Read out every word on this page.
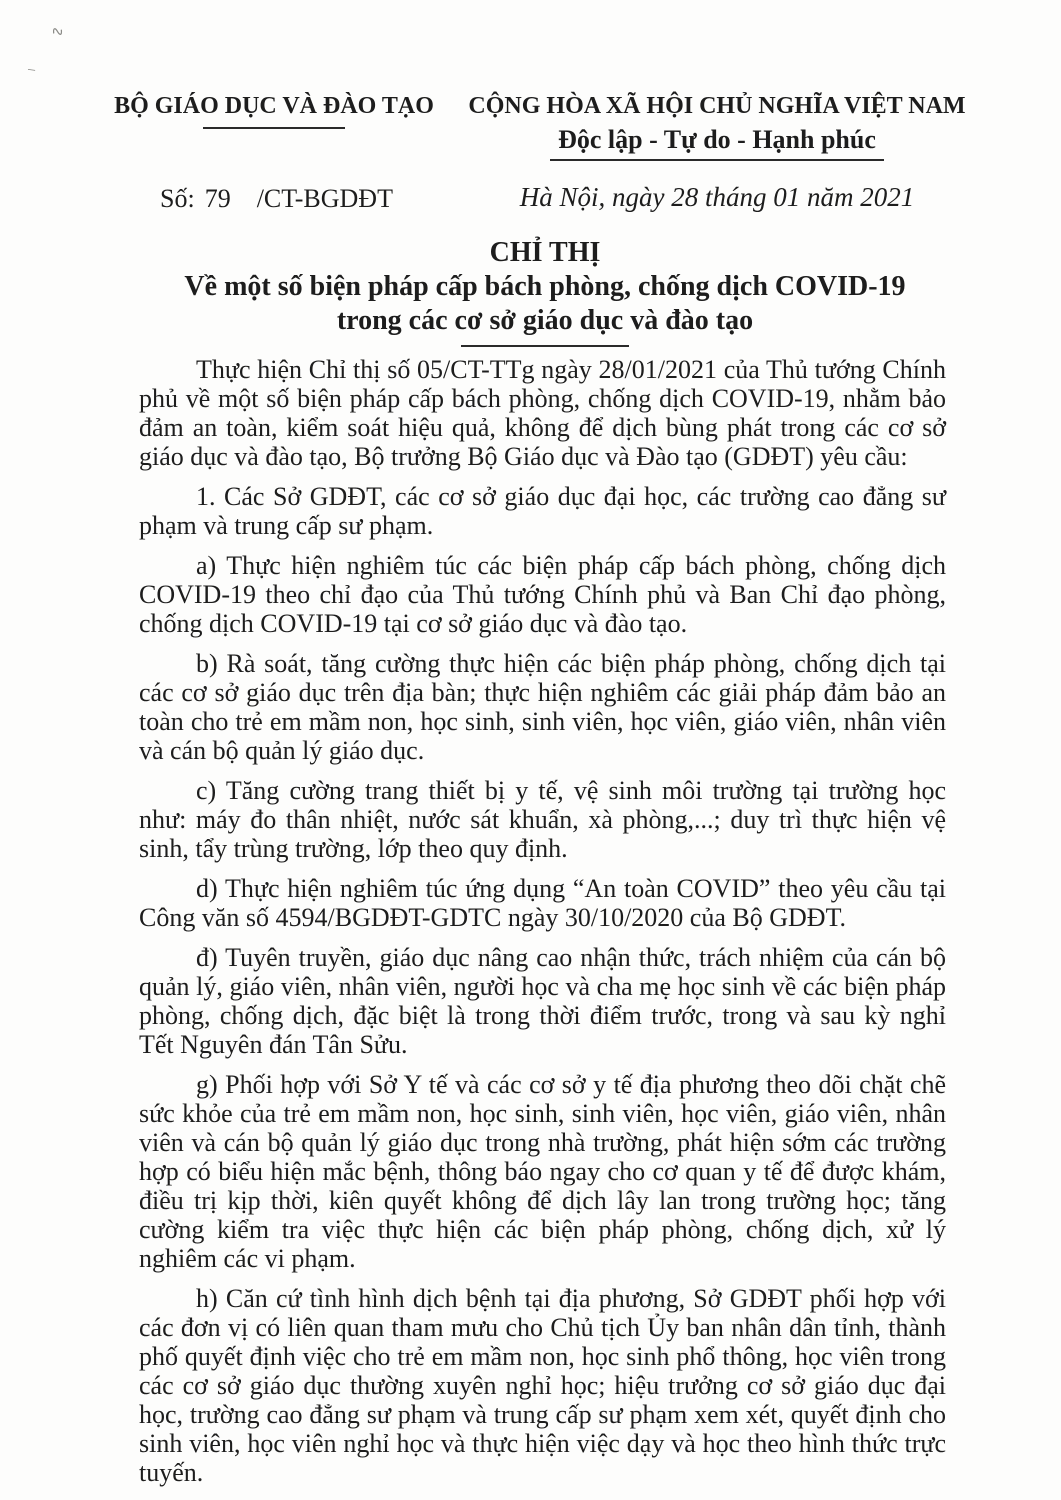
∿
–
BỘ GIÁO DỤC VÀ ĐÀO TẠO	CỘNG HÒA XÃ HỘI CHỦ NGHĨA VIỆT NAM
Độc lập - Tự do - Hạnh phúc
Số: 79 /CT-BGDĐT	Hà Nội, ngày 28 tháng 01 năm 2021
CHỈ THỊ
Về một số biện pháp cấp bách phòng, chống dịch COVID-19
trong các cơ sở giáo dục và đào tạo

Thực hiện Chỉ thị số 05/CT-TTg ngày 28/01/2021 của Thủ tướng Chính phủ về một số biện pháp cấp bách phòng, chống dịch COVID-19, nhằm bảo đảm an toàn, kiểm soát hiệu quả, không để dịch bùng phát trong các cơ sở giáo dục và đào tạo, Bộ trưởng Bộ Giáo dục và Đào tạo (GDĐT) yêu cầu:

1. Các Sở GDĐT, các cơ sở giáo dục đại học, các trường cao đẳng sư phạm và trung cấp sư phạm.

a) Thực hiện nghiêm túc các biện pháp cấp bách phòng, chống dịch COVID-19 theo chỉ đạo của Thủ tướng Chính phủ và Ban Chỉ đạo phòng, chống dịch COVID-19 tại cơ sở giáo dục và đào tạo.

b) Rà soát, tăng cường thực hiện các biện pháp phòng, chống dịch tại các cơ sở giáo dục trên địa bàn; thực hiện nghiêm các giải pháp đảm bảo an toàn cho trẻ em mầm non, học sinh, sinh viên, học viên, giáo viên, nhân viên và cán bộ quản lý giáo dục.

c) Tăng cường trang thiết bị y tế, vệ sinh môi trường tại trường học như: máy đo thân nhiệt, nước sát khuẩn, xà phòng,...; duy trì thực hiện vệ sinh, tẩy trùng trường, lớp theo quy định.

d) Thực hiện nghiêm túc ứng dụng “An toàn COVID” theo yêu cầu tại Công văn số 4594/BGDĐT-GDTC ngày 30/10/2020 của Bộ GDĐT.

đ) Tuyên truyền, giáo dục nâng cao nhận thức, trách nhiệm của cán bộ quản lý, giáo viên, nhân viên, người học và cha mẹ học sinh về các biện pháp phòng, chống dịch, đặc biệt là trong thời điểm trước, trong và sau kỳ nghỉ Tết Nguyên đán Tân Sửu.

g) Phối hợp với Sở Y tế và các cơ sở y tế địa phương theo dõi chặt chẽ sức khỏe của trẻ em mầm non, học sinh, sinh viên, học viên, giáo viên, nhân viên và cán bộ quản lý giáo dục trong nhà trường, phát hiện sớm các trường hợp có biểu hiện mắc bệnh, thông báo ngay cho cơ quan y tế để được khám, điều trị kịp thời, kiên quyết không để dịch lây lan trong trường học; tăng cường kiểm tra việc thực hiện các biện pháp phòng, chống dịch, xử lý nghiêm các vi phạm.

h) Căn cứ tình hình dịch bệnh tại địa phương, Sở GDĐT phối hợp với các đơn vị có liên quan tham mưu cho Chủ tịch Ủy ban nhân dân tỉnh, thành phố quyết định việc cho trẻ em mầm non, học sinh phổ thông, học viên trong các cơ sở giáo dục thường xuyên nghỉ học; hiệu trưởng cơ sở giáo dục đại học, trường cao đẳng sư phạm và trung cấp sư phạm xem xét, quyết định cho sinh viên, học viên nghỉ học và thực hiện việc dạy và học theo hình thức trực tuyến.
